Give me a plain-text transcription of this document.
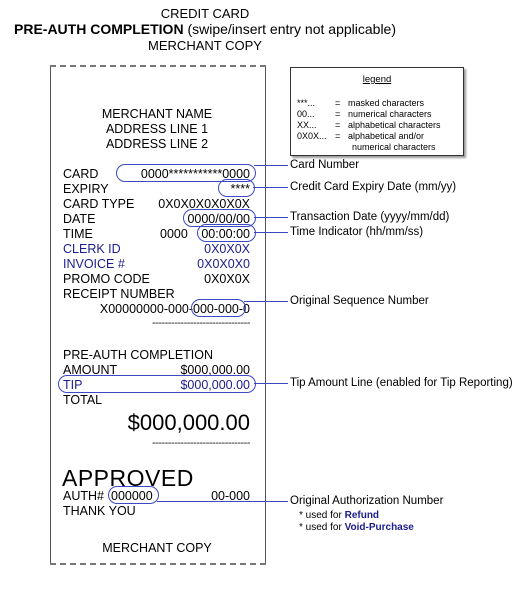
CREDIT CARD
PRE-AUTH COMPLETION (swipe/insert entry not applicable)
MERCHANT COPY
MERCHANT NAME
ADDRESS LINE 1
ADDRESS LINE 2
CARD	0000***********0000
EXPIRY	****
CARD TYPE 0X0X0X0X0X0X
DATE	0000/00/00
TIME	0000 00:00:00
CLERK ID	0X0X0X
INVOICE #	0X0X0X0
PROMO CODE	0X0X0X
RECEIPT NUMBER
X00000000-000-000-000-0
-------------------------------
PRE-AUTH COMPLETION
AMOUNT	$000,000.00
TIP	$000,000.00
TOTAL
$000,000.00
-------------------------------
APPROVED
AUTH# 000000	00-000
THANK YOU
MERCHANT COPY
Card Number
Credit Card Expiry Date (mm/yy)
Transaction Date (yyyy/mm/dd)
Time Indicator (hh/mm/ss)
Original Sequence Number
Tip Amount Line (enabled for Tip Reporting)
Original Authorization Number
* used for Refund
* used for Void-Purchase
legend
***... = masked characters
00... = numerical characters
XX... = alphabetical characters
0X0X... = alphabetical and/or
numerical characters
